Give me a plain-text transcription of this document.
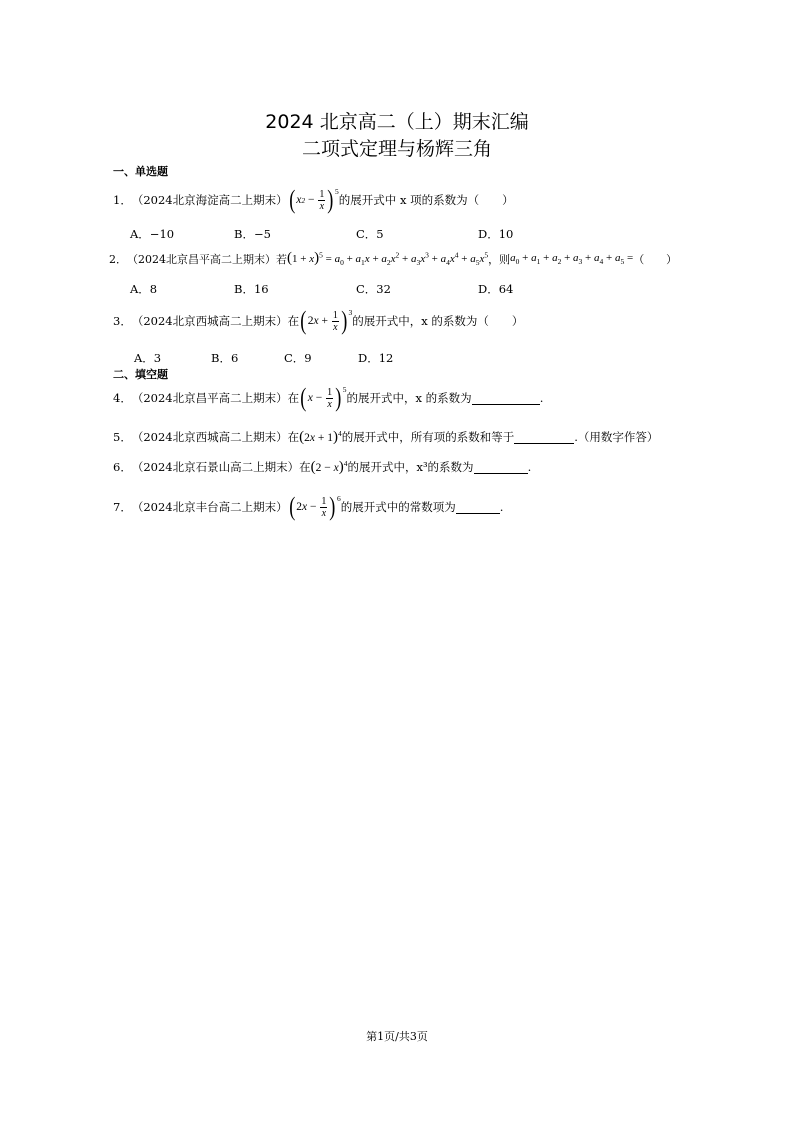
2024 北京高二（上）期末汇编
二项式定理与杨辉三角
一、单选题
1． （2024北京海淀高二上期末） ( x $2 - \frac{1}{x}$ ) 5
的展开式中 x 项的系数为（　　）
A．−10	B．−5	C．5	D．10
2． （2024北京昌平高二上期末）若 $(1 + x)^5 = a_0 + a_1x + a_2x^2 + a_3x^3 + a_4x^4 + a_5x^5$ ，则 $a_0 + a_1 + a_2 + a_3 + a_4 + a_5$ = （　　）
A．8	B．16	C．32	D．64
3． （2024北京西城高二上期末）在 ( 2 $x + \frac{1}{x}$ ) 3
的展开式中，x 的系数为（　　）
A．3	B．6	C．9	D．12
二、填空题
4． （2024北京昌平高二上期末）在 ( $x - \frac{1}{x}$ ) 5
的展开式中，x 的系数为	.
5． （2024北京西城高二上期末）在 $(2x + 1)^4$ 的展开式中，所有项的系数和等于	.（用数字作答）
6． （2024北京石景山高二上期末）在 $(2 - x)^4$ 的展开式中，x³的系数为	.
7． （2024北京丰台高二上期末） ( 2 $x - \frac{1}{x}$ ) 6
的展开式中的常数项为	.
第1页/共3页
